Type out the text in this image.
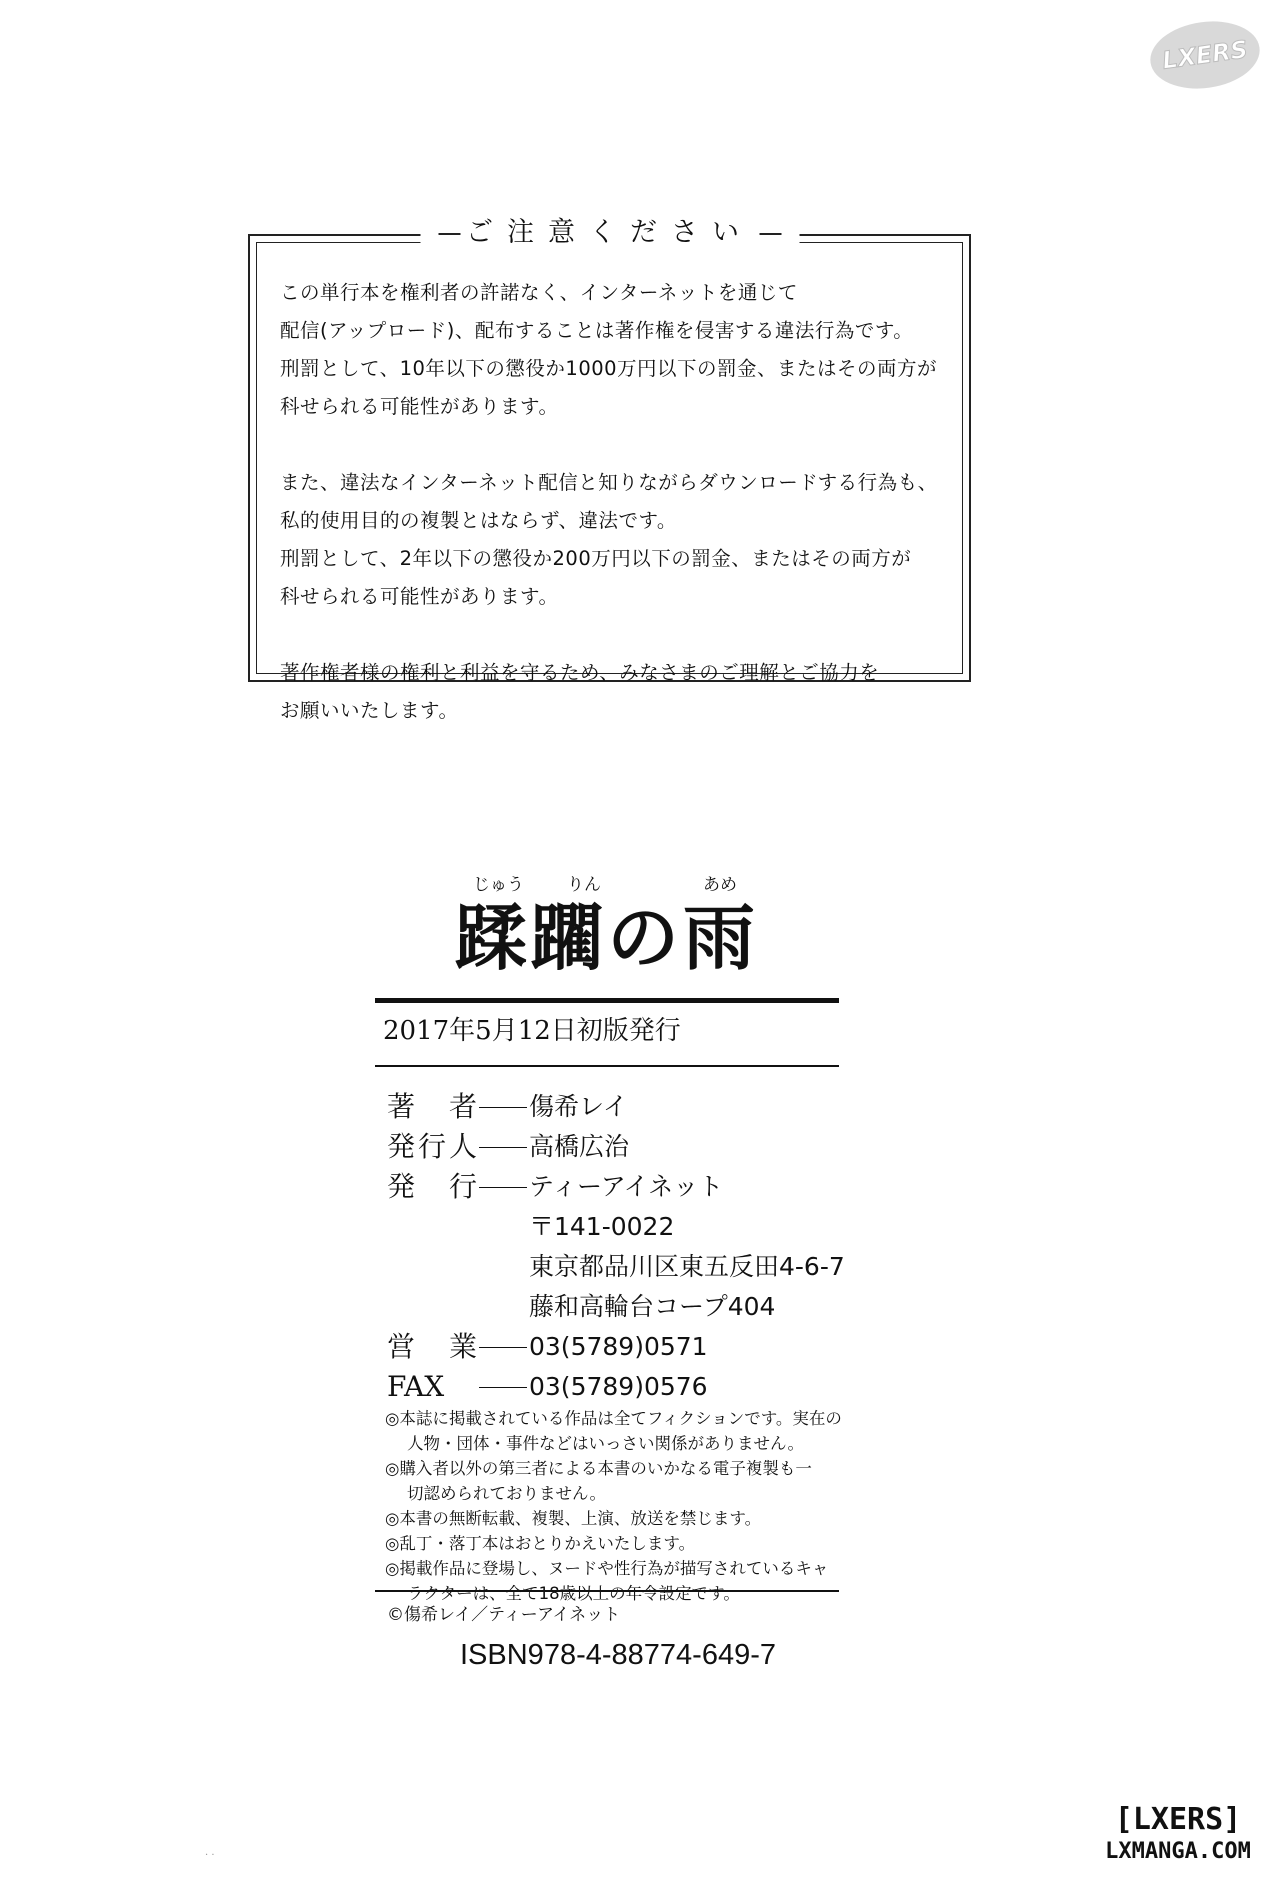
LXERS
ご注意ください

この単行本を権利者の許諾なく、インターネットを通じて
配信(アップロード)、配布することは著作権を侵害する違法行為です。
刑罰として、10年以下の懲役か1000万円以下の罰金、またはその両方が
科せられる可能性があります。

また、違法なインターネット配信と知りながらダウンロードする行為も、
私的使用目的の複製とはならず、違法です。
刑罰として、2年以下の懲役か200万円以下の罰金、またはその両方が
科せられる可能性があります。

著作権者様の権利と利益を守るため、みなさまのご理解とご協力を
お願いいたします。

じゅう	りん	あめ
蹂躙の雨
2017年5月12日初版発行
著者 傷希レイ
発行人 高橋広治
発行 ティーアイネット
〒141-0022
東京都品川区東五反田4-6-7
藤和高輪台コープ404
営業 03(5789)0571
FAX	03(5789)0576
◎本誌に掲載されている作品は全てフィクションです。実在の
人物・団体・事件などはいっさい関係がありません。
◎購入者以外の第三者による本書のいかなる電子複製も一
切認められておりません。
◎本書の無断転載、複製、上演、放送を禁じます。
◎乱丁・落丁本はおとりかえいたします。
◎掲載作品に登場し、ヌードや性行為が描写されているキャ
ラクターは、全て18歳以上の年令設定です。
©傷希レイ／ティーアイネット
ISBN978-4-88774-649-7
[LXERS]
LXMANGA.COM
· ·
